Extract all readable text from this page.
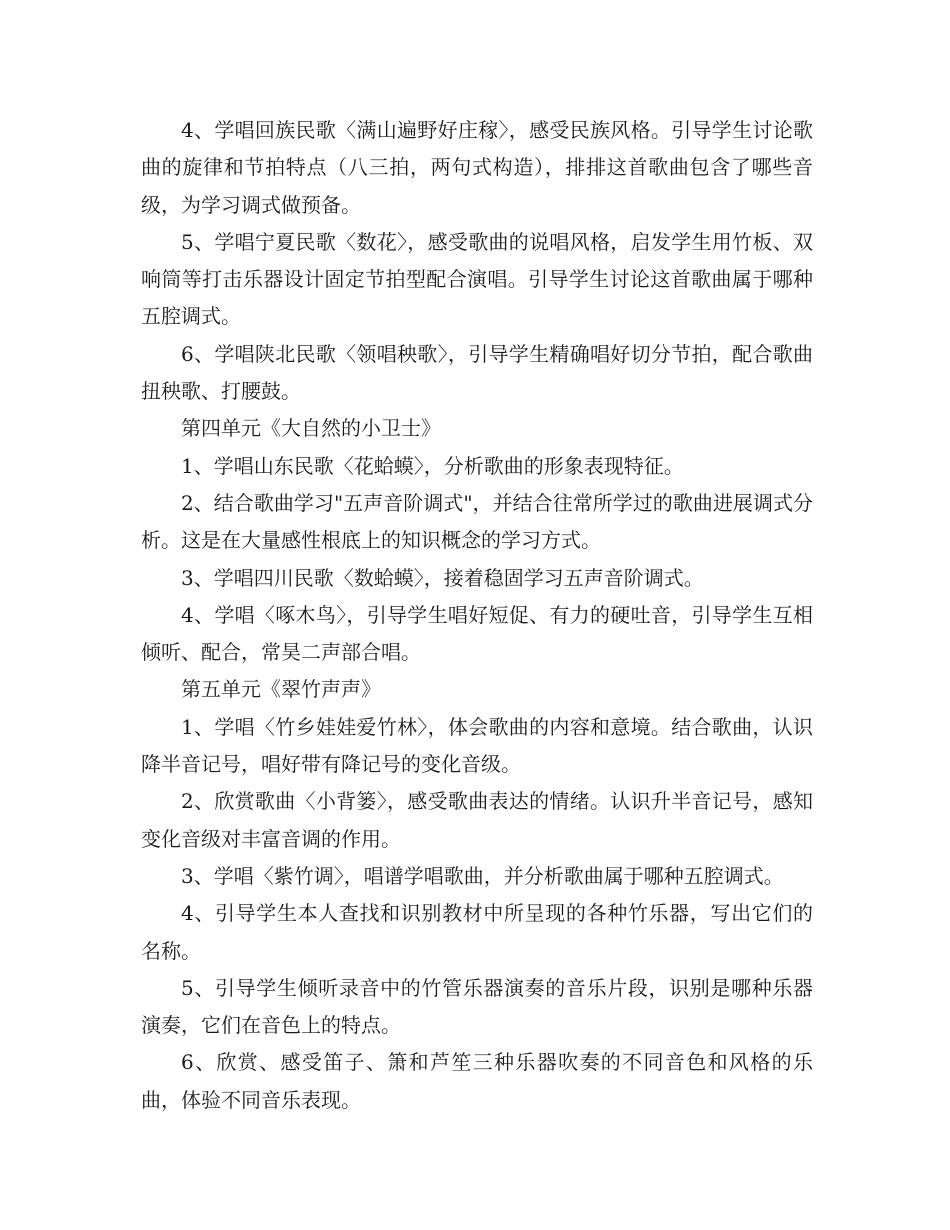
4、学唱回族民歌〈满山遍野好庄稼〉，感受民族风格。引导学生讨论歌曲的旋律和节拍特点（八三拍，两句式构造），排排这首歌曲包含了哪些音级，为学习调式做预备。

5、学唱宁夏民歌〈数花〉，感受歌曲的说唱风格，启发学生用竹板、双响筒等打击乐器设计固定节拍型配合演唱。引导学生讨论这首歌曲属于哪种五腔调式。

6、学唱陕北民歌〈领唱秧歌〉，引导学生精确唱好切分节拍，配合歌曲扭秧歌、打腰鼓。

第四单元《大自然的小卫士》

1、学唱山东民歌〈花蛤蟆〉，分析歌曲的形象表现特征。

2、结合歌曲学习"五声音阶调式"，并结合往常所学过的歌曲进展调式分析。这是在大量感性根底上的知识概念的学习方式。

3、学唱四川民歌〈数蛤蟆〉，接着稳固学习五声音阶调式。

4、学唱〈啄木鸟〉，引导学生唱好短促、有力的硬吐音，引导学生互相倾听、配合，常昊二声部合唱。

第五单元《翠竹声声》

1、学唱〈竹乡娃娃爱竹林〉，体会歌曲的内容和意境。结合歌曲，认识降半音记号，唱好带有降记号的变化音级。

2、欣赏歌曲〈小背篓〉，感受歌曲表达的情绪。认识升半音记号，感知变化音级对丰富音调的作用。

3、学唱〈紫竹调〉，唱谱学唱歌曲，并分析歌曲属于哪种五腔调式。

4、引导学生本人查找和识别教材中所呈现的各种竹乐器，写出它们的名称。

5、引导学生倾听录音中的竹管乐器演奏的音乐片段，识别是哪种乐器演奏，它们在音色上的特点。

6、欣赏、感受笛子、箫和芦笙三种乐器吹奏的不同音色和风格的乐曲，体验不同音乐表现。
